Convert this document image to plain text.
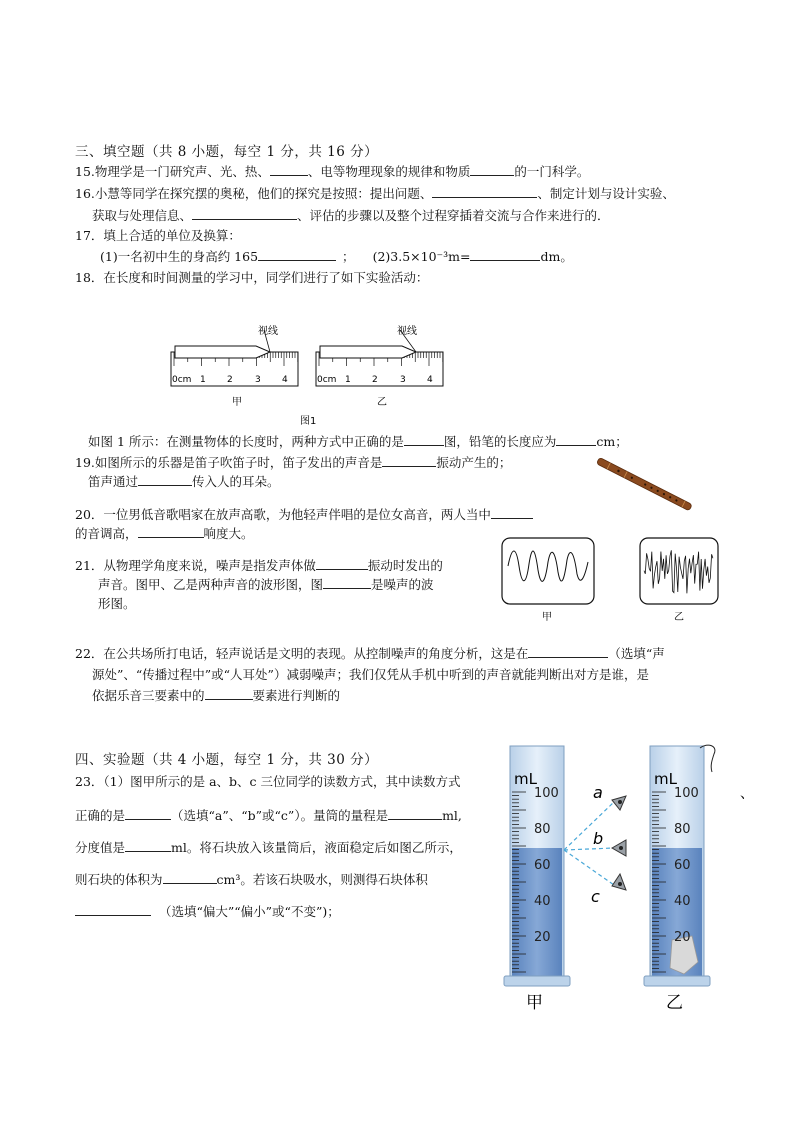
三、填空题（共 8 小题，每空 1 分，共 16 分）
15.物理学是一门研究声、光、热、	、电等物理现象的规律和物质	的一门科学。
16.小慧等同学在探究摆的奥秘，他们的探究是按照：提出问题、	、制定计划与设计实验、
获取与处理信息、	、评估的步骤以及整个过程穿插着交流与合作来进行的．
17．填上合适的单位及换算：
(1)一名初中生的身高约 165	； (2)3.5×10⁻³m=	dm。
18．在长度和时间测量的学习中，同学们进行了如下实验活动：
视线
0cm 1 2 3 4
甲
视线
0cm 1 2 3 4
乙
图1
如图 1 所示：在测量物体的长度时，两种方式中正确的是	图，铅笔的长度应为	cm；
19.如图所示的乐器是笛子吹笛子时，笛子发出的声音是	振动产生的；
笛声通过	传入人的耳朵。
20．一位男低音歌唱家在放声高歌，为他轻声伴唱的是位女高音，两人当中
的音调高，	响度大。
21．从物理学角度来说，噪声是指发声体做	振动时发出的
声音。图甲、乙是两种声音的波形图，图	是噪声的波
形图。
甲	乙
22．在公共场所打电话，轻声说话是文明的表现。从控制噪声的角度分析，这是在	（选填“声
源处”、“传播过程中”或“人耳处”）减弱噪声；我们仅凭从手机中听到的声音就能判断出对方是谁，是
依据乐音三要素中的	要素进行判断的
四、实验题（共 4 小题，每空 1 分，共 30 分）
23．（1）图甲所示的是 a、b、c 三位同学的读数方式，其中读数方式
正确的是	（选填“a”、“b”或“c”）。量筒的量程是	ml,
分度值是	ml。将石块放入该量筒后，液面稳定后如图乙所示，
则石块的体积为	cm³。若该石块吸水，则测得石块体积
（选填“偏大”“偏小”或“不变”)；
mL
100
80
60
40
20
甲
a
b
c
mL
100
80
60
40
20
乙
、
